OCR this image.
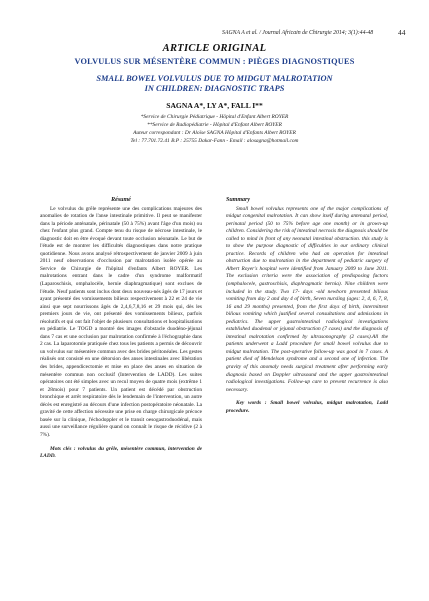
SAGNA A et al. / Journal Africain de Chirurgie 2014; 3(1):44-48	44
ARTICLE ORIGINAL
VOLVULUS SUR MÉSENTÈRE COMMUN : PIÈGES DIAGNOSTIQUES
SMALL BOWEL VOLVULUS DUE TO MIDGUT MALROTATION
IN CHILDREN: DIAGNOSTIC TRAPS
SAGNA A*, LY A*, FALL I**
*Service de Chirurgie Pédiatrique - Hôpital d'Enfant Albert ROYER
**Service de Radiopédiatrie - Hôpital d'Enfant Albert ROYER
Auteur correspondant : Dr Aloïse SAGNA Hôpital d'Enfants Albert ROYER
Tel : 77.701.72.41 B.P : 25755 Dakar-Fann - Email : alosagna@hotmail.com
Résumé

Le volvulus du grêle représente une des complications majeures des anomalies de rotation de l'anse intestinale primitive. Il peut se manifester dans la période anténatale, périnatale (50 à 75%) avant l'âge d'un mois) ou chez l'enfant plus grand. Compte tenu du risque de nécrose intestinale, le diagnostic doit en être évoqué devant toute occlusion néonatale. Le but de l'étude est de montrer les difficultés diagnostiques dans notre pratique quotidienne. Nous avons analysé rétrospectivement de janvier 2009 à juin 2011 neuf observations d'occlusion par malrotation isolée opérée au Service de Chirurgie de l'hôpital d'enfants Albert ROYER. Les malrotations entrant dans le cadre d'un syndrome malformatif (Laparoschisis, omphalocèle, hernie diaphragmatique) sont exclues de l'étude. Neuf patients sont inclus dont deux nouveau-nés âgés de 17 jours et ayant présenté des vomissements bilieux respectivement à 22 et 24 de vie ainsi que sept nourrissons âgés de 2,4,6,7,8,16 et 29 mois qui, dès les premiers jours de vie, ont présenté des vomissements bilieux, parfois résolutifs et qui ont fait l'objet de plusieurs consultations et hospitalisations en pédiatrie. Le TOGD a montré des images d'obstacle duodéno-jéjunal dans 7 cas et une occlusion par malrotation confirmée à l'échographie dans 2 cas. La laparotomie pratiquée chez tous les patients a permis de découvrir un volvulus sur mésentère commun avec des brides péritonéales. Les gestes réalisés ont consisté en une détorsion des anses intestinales avec libération des brides, appendicectomie et mise en place des anses en situation de mésentère commun non occlusif (Intervention de LADD). Les suites opératoires ont été simples avec un recul moyen de quatre mois (extrême 1 et 28mois) pour 7 patients. Un patient est décédé par obstruction bronchique et arrêt respiratoire dès le lendemain de l'intervention, un autre décès est enregistré au décours d'une infection postopératoire néonatale. La gravité de cette affection nécessite une prise en charge chirurgicale précoce basée sur la clinique, l'échodoppler et le transit oesogastroduodénal, mais aussi une surveillance régulière quand on connaît le risque de récidive (2 à 7%).

Mots clés : volvulus du grêle, mésentère commun, intervention de LADD.

Summary

Small bowel volvulus represents one of the major complications of midgut congenital malrotation. It can show itself during antenatal period, perinatal period (50 to 75% before age one month) or in grown-up children. Considering the risk of intestinal necrosis the diagnosis should be called to mind in front of any neonatal intestinal obstruction. this study is to show the purpose diagnostic of difficulties in our ordinary clinical practice. Records of children who had an operation for intestinal obstruction due to malrotation in the department of pediatric surgery of Albert Royer's hospital were identified from January 2009 to June 2011. The exclusion criteria were the association of predisposing factors (omphalocele, gastroschisis, diaphragmatic hernia). Nine children were included in the study. Two 17- days -old newborn presented bilious vomiting from day 2 and day 4 of birth, Seven nursling (ages: 2, 4, 6, 7, 8, 16 and 29 months) presented, from the first days of birth, intermittent bilious vomiting which justified several consultations and admissions in pediatrics. The upper gastrointestinal radiological investigations established duodenal or jejunal obstruction (7 cases) and the diagnosis of intestinal malrotation confirmed by ultrasonography (2 cases).All the patients underwent a Ladd procedure for small bowel volvulus due to midgut malrotation. The post-operative follow-up was good in 7 cases. A patient died of Mendelson syndrome and a second one of infection. The gravity of this anomaly needs surgical treatment after performing early diagnosis based on Doppler ultrasound and the upper gastrointestinal radiological investigations. Follow-up care to prevent recurrence is also necessary.

Key words : Small bowel volvulus, midgut malrotation, Ladd procedure.
